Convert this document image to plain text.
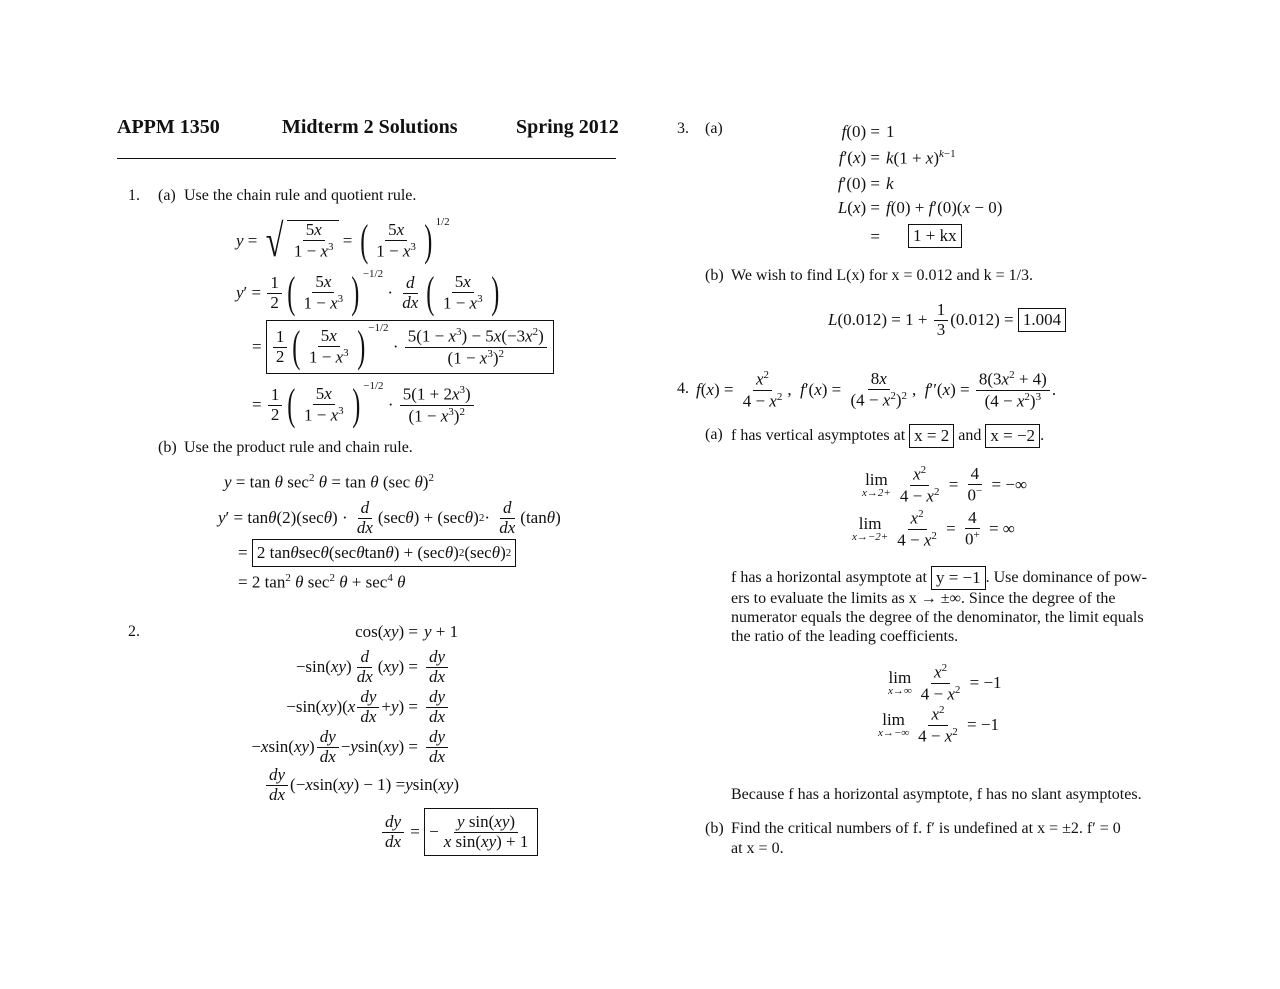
APPM 1350	Midterm 2 Solutions	Spring 2012
1. (a) Use the chain rule and quotient rule.
y = √ $\frac{5x}{1 - x^3}$ = ( $\frac{5x}{1 - x^3}$ ) 1/2
y ′ = $\frac{1}{2}$ ( $\frac{5x}{1 - x^3}$ ) −1/2
· $\frac{d}{dx}$ ( $\frac{5x}{1 - x^3}$ )
= $\frac{1}{2}$ ( $\frac{5x}{1 - x^3}$ ) −1/2
· $\frac{5(1 - x^3) - 5x(-3x^2)}{(1 - x^3)^2}$
= $\frac{1}{2}$ ( $\frac{5x}{1 - x^3}$ ) −1/2
· $\frac{5(1 + 2x^3)}{(1 - x^3)^2}$
(b) Use the product rule and chain rule.
y = tan θ $\sec^2 \theta = \tan \theta$ (sec θ)$^2$
y ′ = tan θ (2)(sec θ ) · $\frac{d}{dx} (\sec$ θ ) + (sec θ ) $2 \cdot \frac{d}{dx} (\tan$ θ )
= 2 tan θ sec θ (sec θ tan θ ) + (sec θ ) 2 (sec θ ) 2
= 2 $\tan^2 \theta$ $\sec^2 \theta + \sec^4 \theta$
2.	cos(xy) = y + 1
−sin( xy ) $\frac{d}{dx}$ ( xy ) = $\frac{dy}{dx}$
−sin( xy )( x $\frac{dy}{dx} + y$ ) = $\frac{dy}{dx}$
− x sin( xy ) $\frac{dy}{dx} - y$ sin( xy ) = $\frac{dy}{dx}$
$\frac{dy}{dx}$ (− x sin( xy ) − 1) = y sin( xy )
$\frac{dy}{dx}$ = − $\frac{\text{y sin(xy)}}{\text{x sin(xy) + 1}}$
3. (a)	f(0) = 1
$f'(x) = k(1 + x)^{k-1}$
f′(0) = k
L(x) = f(0) + f′(0)(x − 0)
= 1 + kx
(b) We wish to find L(x) for x = 0.012 and k = 1/3.
L $(0.012) = 1 + \frac{1}{3} (0.012) = 1.004$
4. f ( x ) = $\frac{x^2}{4 - x^2}$ , f ′( x ) = $\frac{8x}{(4 - x^2)^2}$ , f ′′( x ) = $\frac{8(3x^2 + 4)}{(4 - x^2)^3}$ .
(a) f has vertical asymptotes at
x = 2
and
x = −2 .
lim
$x\to 2+ \frac{x^2}{4 - x^2} = \frac{4}{0^-}$ = −∞
lim
$x\to-2+ \frac{x^2}{4 - x^2} = \frac{4}{0^+}$ = ∞
f has a horizontal asymptote at
y = −1 . Use dominance of pow-
ers to evaluate the limits as x → ±∞. Since the degree of the
numerator equals the degree of the denominator, the limit equals
the ratio of the leading coefficients.
lim
$x\to\infty \frac{x^2}{4 - x^2} = -1$
lim
$x\to-\infty \frac{x^2}{4 - x^2} = -1$
Because f has a horizontal asymptote, f has no slant asymptotes.
(b) Find the critical numbers of f. f′ is undefined at x = ±2. f′ = 0
at x = 0.
